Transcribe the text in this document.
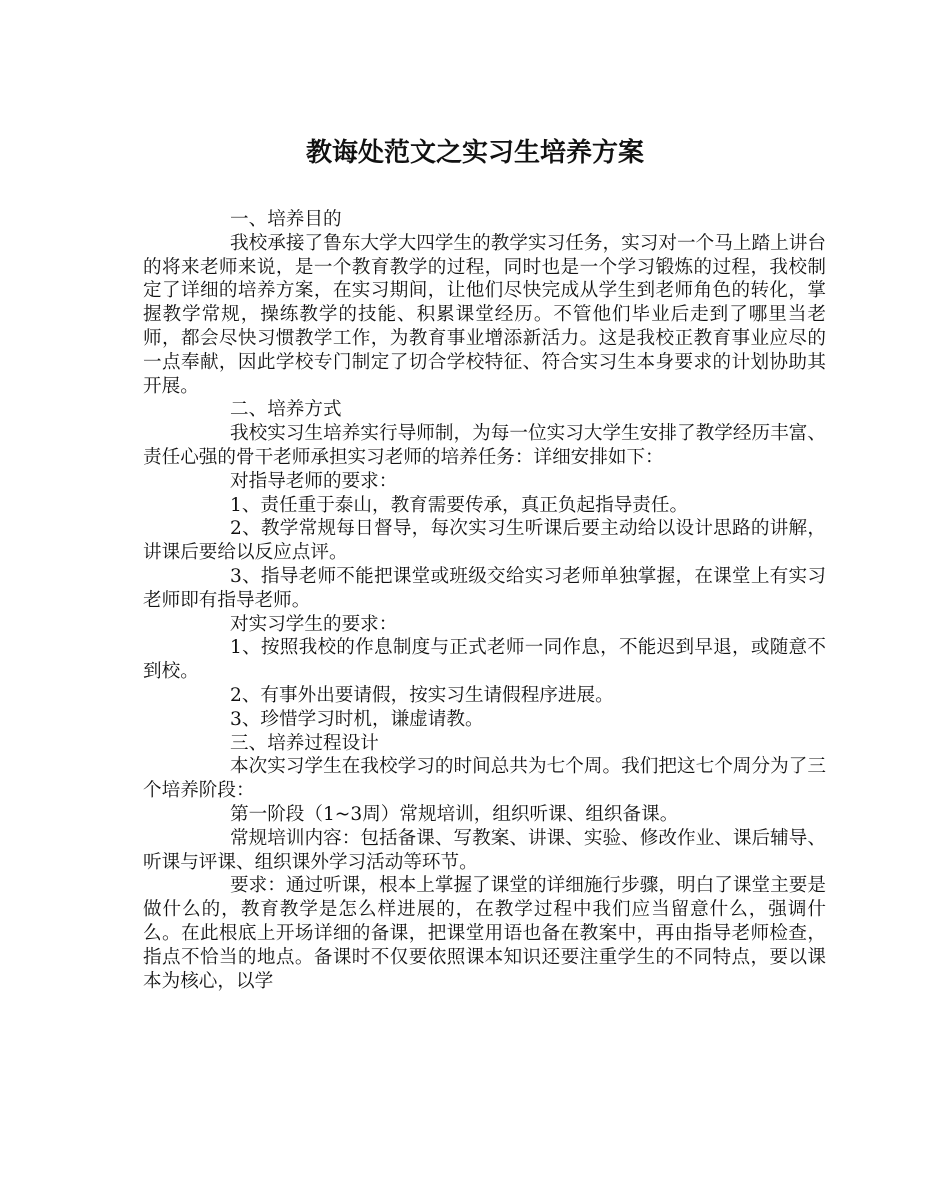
教诲处范文之实习生培养方案

一、培养目的

我校承接了鲁东大学大四学生的教学实习任务，实习对一个马上踏上讲台的将来老师来说，是一个教育教学的过程，同时也是一个学习锻炼的过程，我校制定了详细的培养方案，在实习期间，让他们尽快完成从学生到老师角色的转化，掌握教学常规，操练教学的技能、积累课堂经历。不管他们毕业后走到了哪里当老师，都会尽快习惯教学工作，为教育事业增添新活力。这是我校正教育事业应尽的一点奉献，因此学校专门制定了切合学校特征、符合实习生本身要求的计划协助其开展。

二、培养方式

我校实习生培养实行导师制，为每一位实习大学生安排了教学经历丰富、责任心强的骨干老师承担实习老师的培养任务：详细安排如下：

对指导老师的要求：

1、责任重于泰山，教育需要传承，真正负起指导责任。

2、教学常规每日督导，每次实习生听课后要主动给以设计思路的讲解，讲课后要给以反应点评。

3、指导老师不能把课堂或班级交给实习老师单独掌握，在课堂上有实习老师即有指导老师。

对实习学生的要求：

1、按照我校的作息制度与正式老师一同作息，不能迟到早退，或随意不到校。

2、有事外出要请假，按实习生请假程序进展。

3、珍惜学习时机，谦虚请教。

三、培养过程设计

本次实习学生在我校学习的时间总共为七个周。我们把这七个周分为了三个培养阶段：

第一阶段（1~3周）常规培训，组织听课、组织备课。

常规培训内容：包括备课、写教案、讲课、实验、修改作业、课后辅导、听课与评课、组织课外学习活动等环节。

要求：通过听课，根本上掌握了课堂的详细施行步骤，明白了课堂主要是做什么的，教育教学是怎么样进展的，在教学过程中我们应当留意什么，强调什么。在此根底上开场详细的备课，把课堂用语也备在教案中，再由指导老师检查，指点不恰当的地点。备课时不仅要依照课本知识还要注重学生的不同特点，要以课本为核心，以学
